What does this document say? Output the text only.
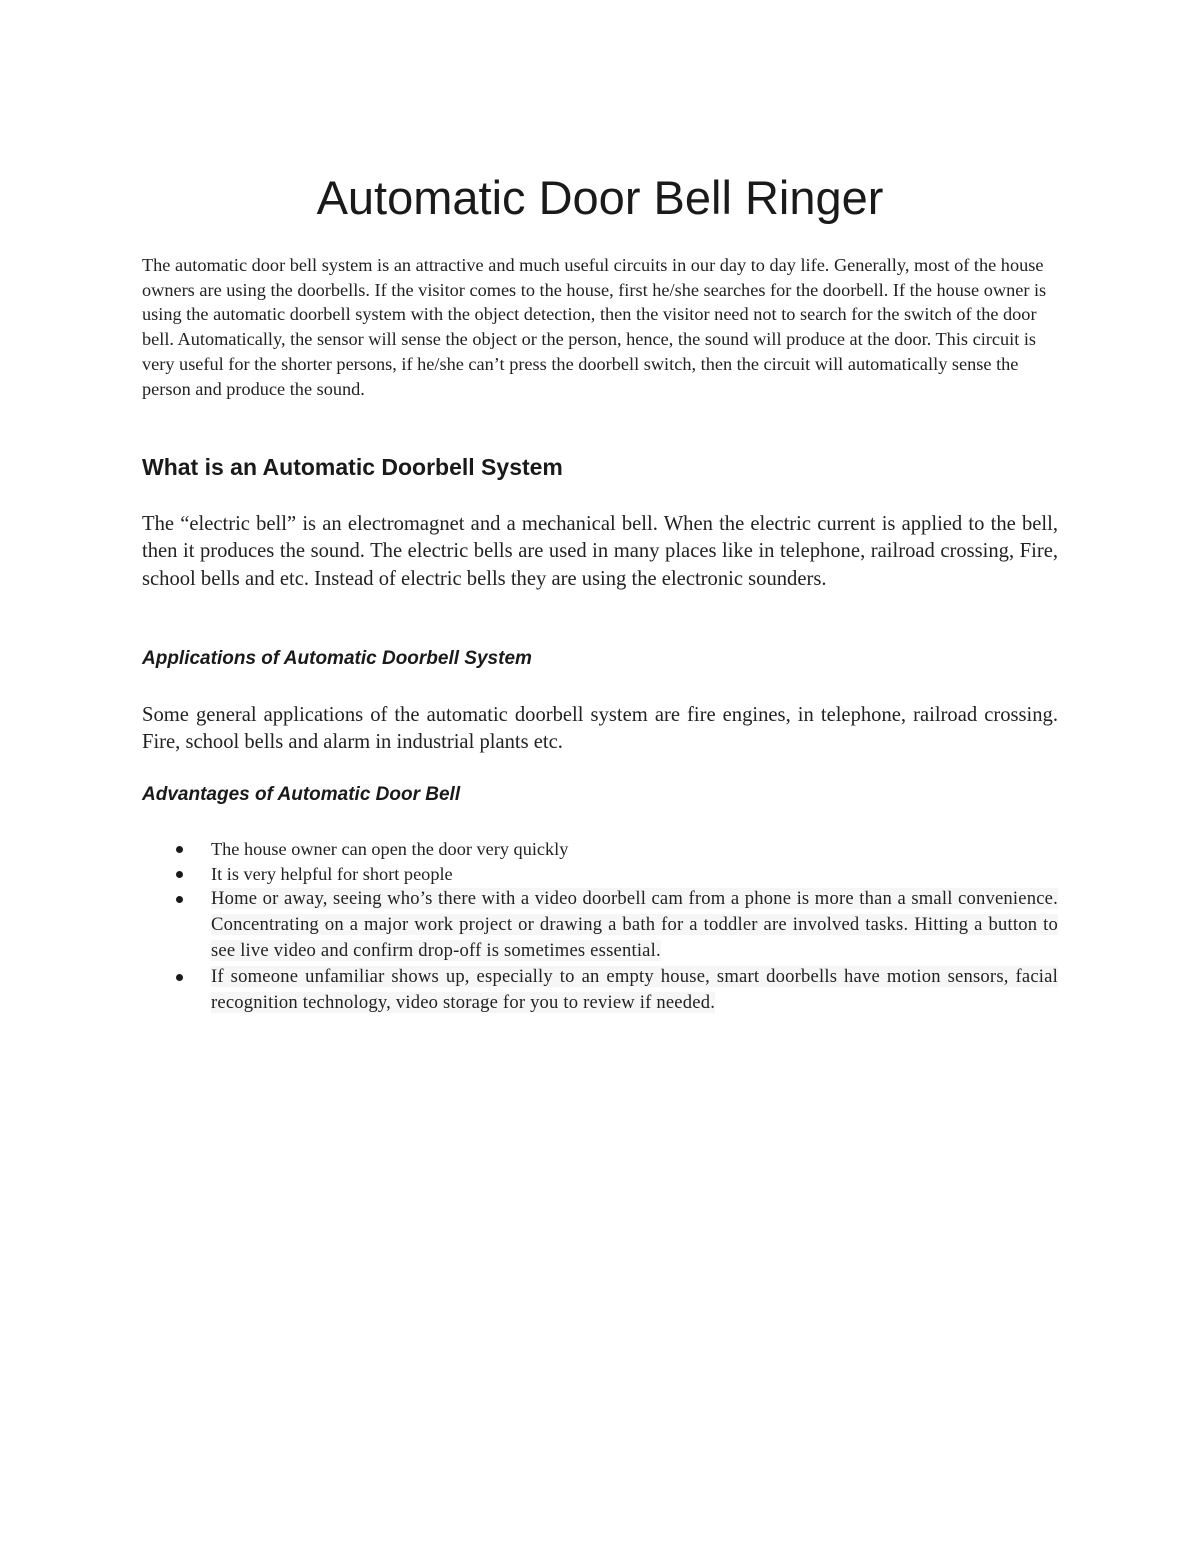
Automatic Door Bell Ringer

The automatic door bell system is an attractive and much useful circuits in our day to day life. Generally, most of the house owners are using the doorbells. If the visitor comes to the house, first he/she searches for the doorbell. If the house owner is using the automatic doorbell system with the object detection, then the visitor need not to search for the switch of the door bell. Automatically, the sensor will sense the object or the person, hence, the sound will produce at the door. This circuit is very useful for the shorter persons, if he/she can’t press the doorbell switch, then the circuit will automatically sense the person and produce the sound.

What is an Automatic Doorbell System

The “electric bell” is an electromagnet and a mechanical bell. When the electric current is applied to the bell, then it produces the sound. The electric bells are used in many places like in telephone, railroad crossing, Fire, school bells and etc. Instead of electric bells they are using the electronic sounders.

Applications of Automatic Doorbell System

Some general applications of the automatic doorbell system are fire engines, in telephone, railroad crossing. Fire, school bells and alarm in industrial plants etc.

Advantages of Automatic Door Bell
The house owner can open the door very quickly
It is very helpful for short people
Home or away, seeing who’s there with a video doorbell cam from a phone is more than a small convenience. Concentrating on a major work project or drawing a bath for a toddler are involved tasks. Hitting a button to see live video and confirm drop-off is sometimes essential.
If someone unfamiliar shows up, especially to an empty house, smart doorbells have motion sensors, facial recognition technology, video storage for you to review if needed.
